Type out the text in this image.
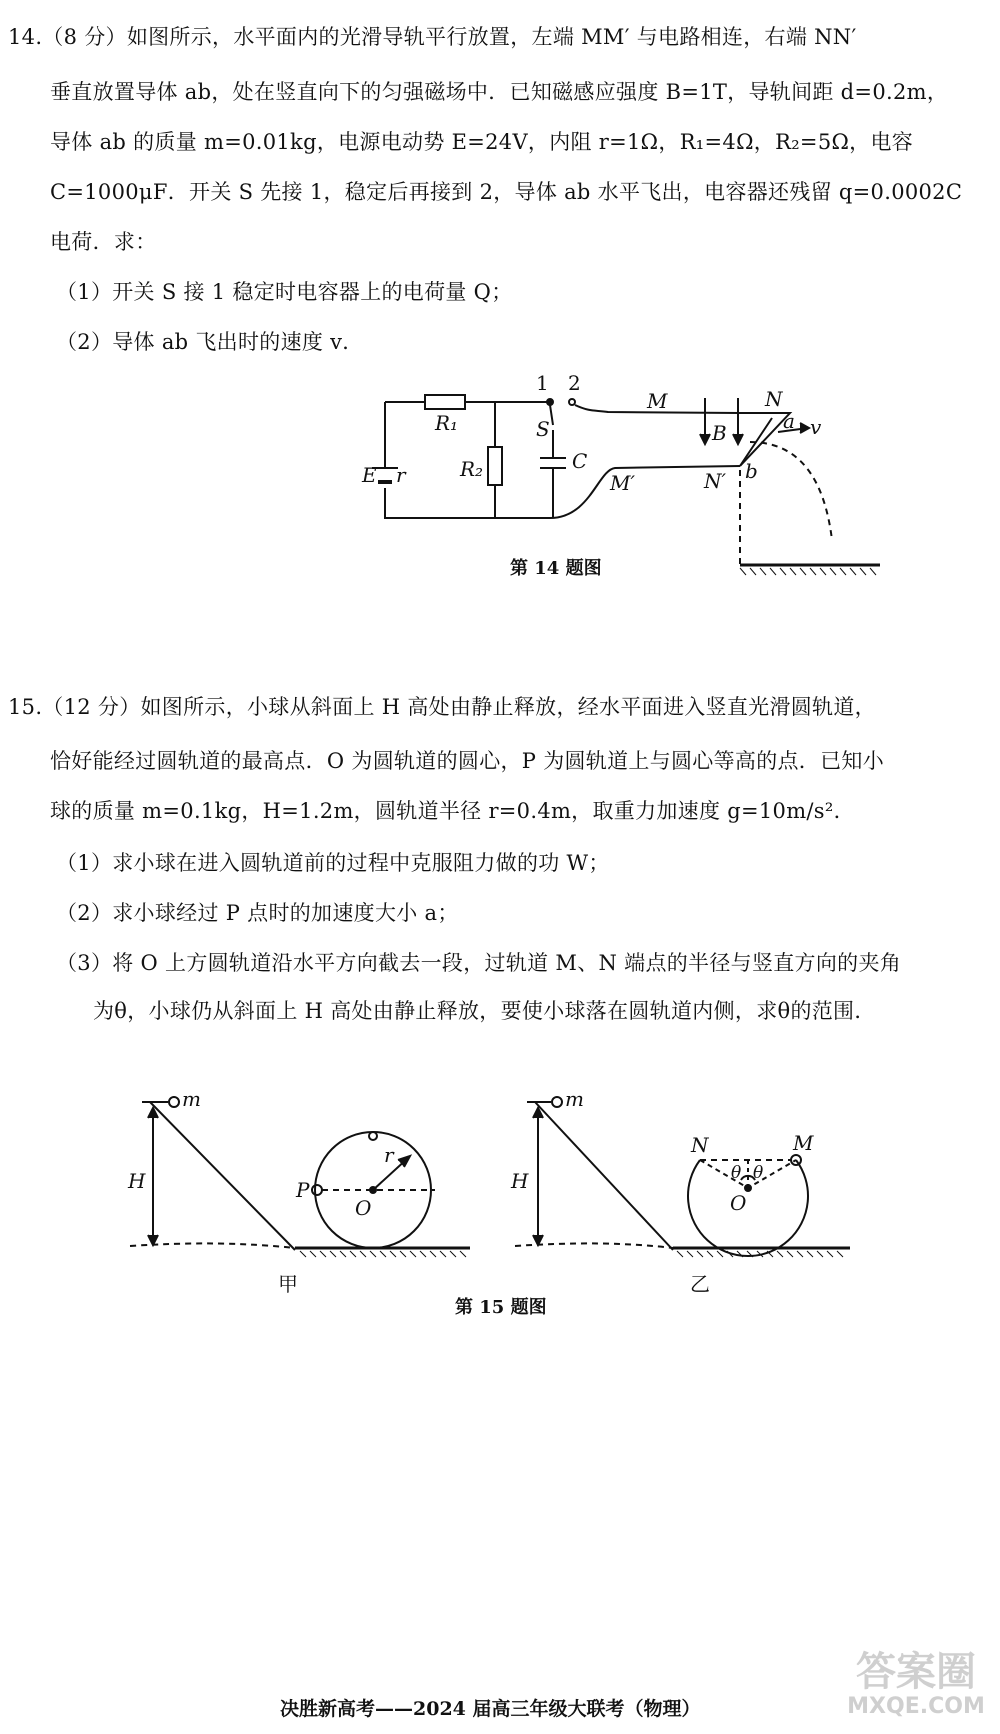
14.（8 分）如图所示，水平面内的光滑导轨平行放置，左端 MM′ 与电路相连，右端 NN′
垂直放置导体 ab，处在竖直向下的匀强磁场中．已知磁感应强度 B=1T，导轨间距 d=0.2m，
导体 ab 的质量 m=0.01kg，电源电动势 E=24V，内阻 r=1Ω，R₁=4Ω，R₂=5Ω，电容
C=1000μF．开关 S 先接 1，稳定后再接到 2，导体 ab 水平飞出，电容器还残留 q=0.0002C
电荷．求：
（1）开关 S 接 1 稳定时电容器上的电荷量 Q；
（2）导体 ab 飞出时的速度 v．
1 2
S
R₁
R₂	C
E r
M	N
M′	N′
B	a
b
v
第 14 题图
15.（12 分）如图所示，小球从斜面上 H 高处由静止释放，经水平面进入竖直光滑圆轨道，
恰好能经过圆轨道的最高点．O 为圆轨道的圆心，P 为圆轨道上与圆心等高的点．已知小
球的质量 m=0.1kg，H=1.2m，圆轨道半径 r=0.4m，取重力加速度 g=10m/s²．
（1）求小球在进入圆轨道前的过程中克服阻力做的功 W；
（2）求小球经过 P 点时的加速度大小 a；
（3）将 O 上方圆轨道沿水平方向截去一段，过轨道 M、N 端点的半径与竖直方向的夹角
为θ，小球仍从斜面上 H 高处由静止释放，要使小球落在圆轨道内侧，求θ的范围．
m
H
r
P
O
甲
m
H
N	M
θ θ
O
乙
第 15 题图
决胜新高考——2024 届高三年级大联考（物理）
答案圈
MXQE.COM
